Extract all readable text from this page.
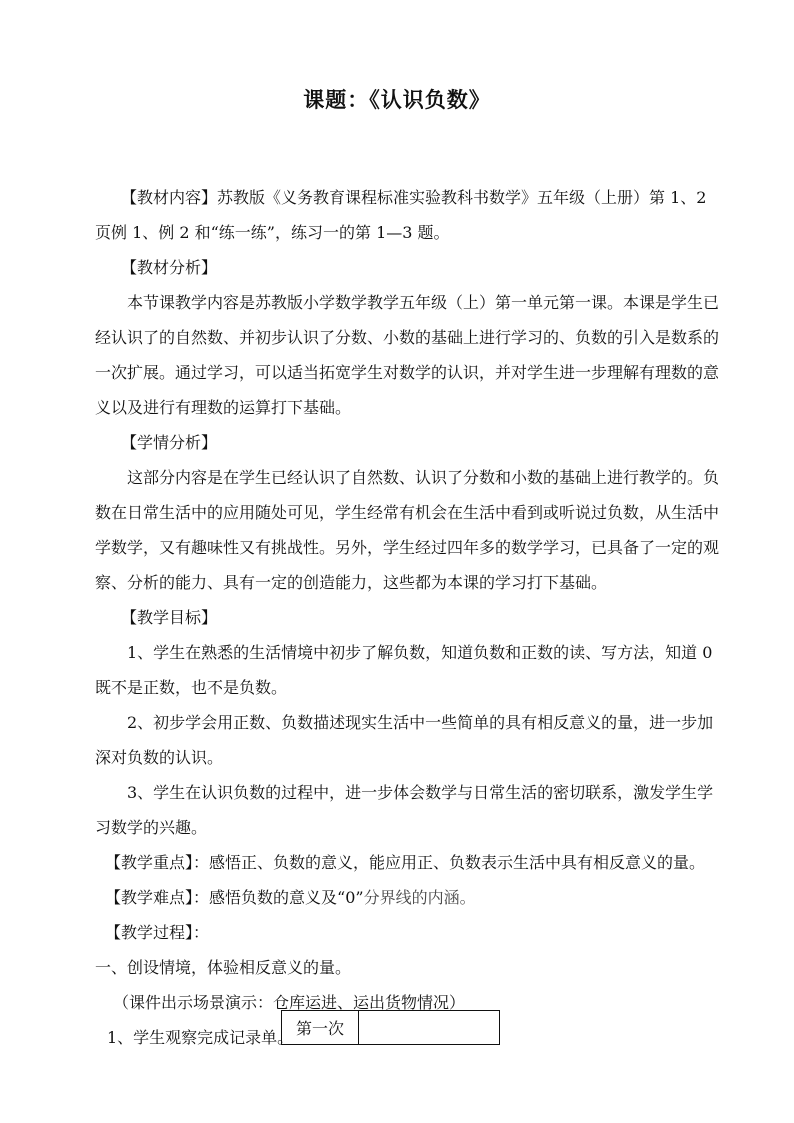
课题：《认识负数》
【教材内容】苏教版《义务教育课程标准实验教科书数学》五年级（上册）第 1、2
页例 1、例 2 和“练一练”，练习一的第 1—3 题。
【教材分析】
本节课教学内容是苏教版小学数学教学五年级（上）第一单元第一课。本课是学生已
经认识了的自然数、并初步认识了分数、小数的基础上进行学习的、负数的引入是数系的
一次扩展。通过学习，可以适当拓宽学生对数学的认识，并对学生进一步理解有理数的意
义以及进行有理数的运算打下基础。
【学情分析】
这部分内容是在学生已经认识了自然数、认识了分数和小数的基础上进行教学的。负
数在日常生活中的应用随处可见，学生经常有机会在生活中看到或听说过负数，从生活中
学数学，又有趣味性又有挑战性。另外，学生经过四年多的数学学习，已具备了一定的观
察、分析的能力、具有一定的创造能力，这些都为本课的学习打下基础。
【教学目标】
1、学生在熟悉的生活情境中初步了解负数，知道负数和正数的读、写方法，知道 0
既不是正数，也不是负数。
2、初步学会用正数、负数描述现实生活中一些简单的具有相反意义的量，进一步加
深对负数的认识。
3、学生在认识负数的过程中，进一步体会数学与日常生活的密切联系，激发学生学
习数学的兴趣。
【教学重点】：感悟正、负数的意义，能应用正、负数表示生活中具有相反意义的量。
【教学难点】：感悟负数的意义及“0”分界线的内涵。
【教学过程】：
一、创设情境，体验相反意义的量。
（课件出示场景演示：仓库运进、运出货物情况）
1、学生观察完成记录单。 第一次	
